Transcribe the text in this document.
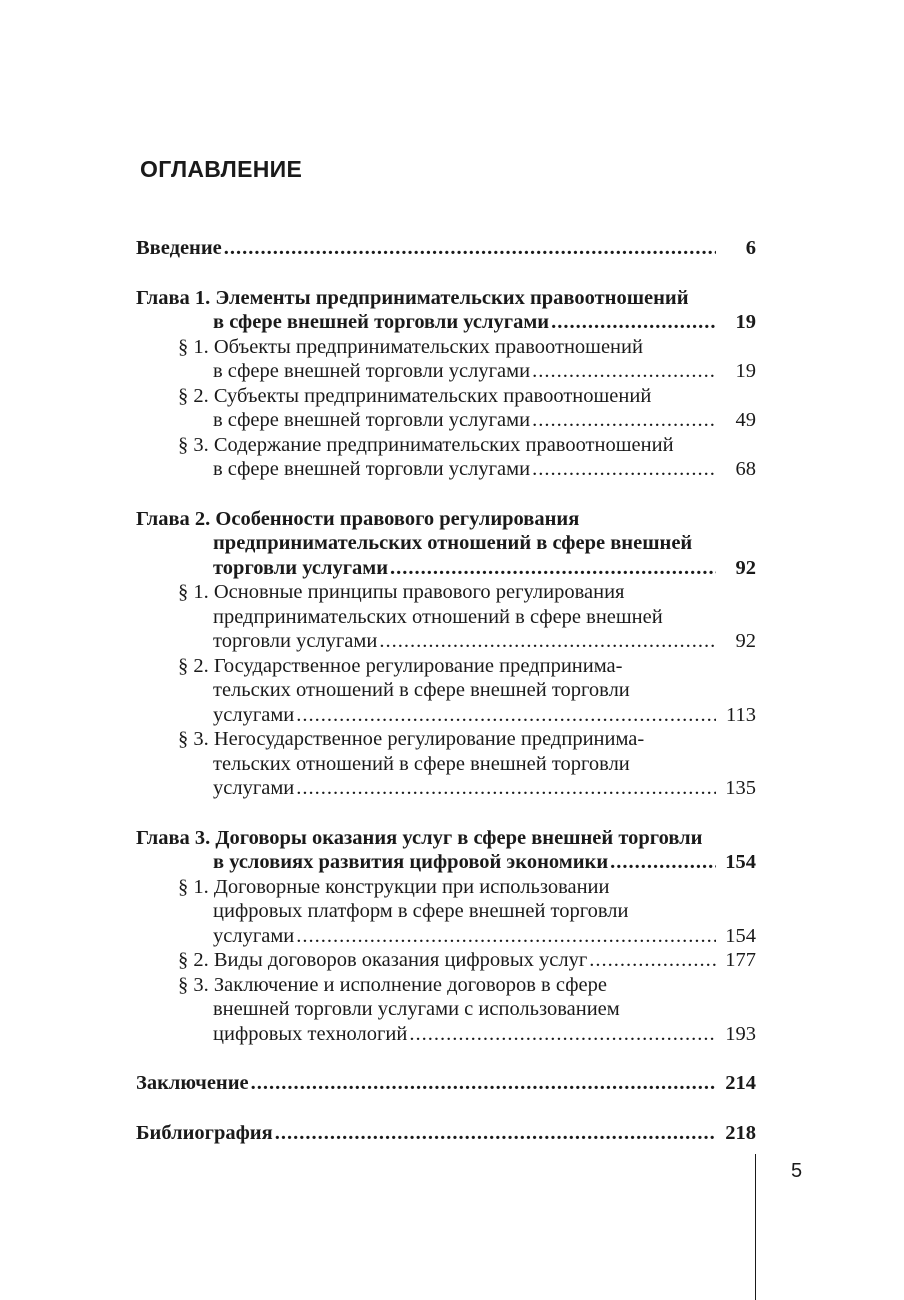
ОГЛАВЛЕНИЕ
Введение .....	6
Глава 1. Элементы предпринимательских правоотношений
в сфере внешней торговли услугами .....	19
§ 1. Объекты предпринимательских правоотношений
в сфере внешней торговли услугами .....	19
§ 2. Субъекты предпринимательских правоотношений
в сфере внешней торговли услугами .....	49
§ 3. Содержание предпринимательских правоотношений
в сфере внешней торговли услугами .....	68
Глава 2. Особенности правового регулирования
предпринимательских отношений в сфере внешней
торговли услугами .....	92
§ 1. Основные принципы правового регулирования
предпринимательских отношений в сфере внешней
торговли услугами .....	92
§ 2. Государственное регулирование предпринима-
тельских отношений в сфере внешней торговли
услугами .....	113
§ 3. Негосударственное регулирование предпринима-
тельских отношений в сфере внешней торговли
услугами .....	135
Глава 3. Договоры оказания услуг в сфере внешней торговли
в условиях развития цифровой экономики .....	154
§ 1. Договорные конструкции при использовании
цифровых платформ в сфере внешней торговли
услугами .....	154
§ 2. Виды договоров оказания цифровых услуг .....	177
§ 3. Заключение и исполнение договоров в сфере
внешней торговли услугами с использованием
цифровых технологий .....	193
Заключение .....	214
Библиография .....	218
5
